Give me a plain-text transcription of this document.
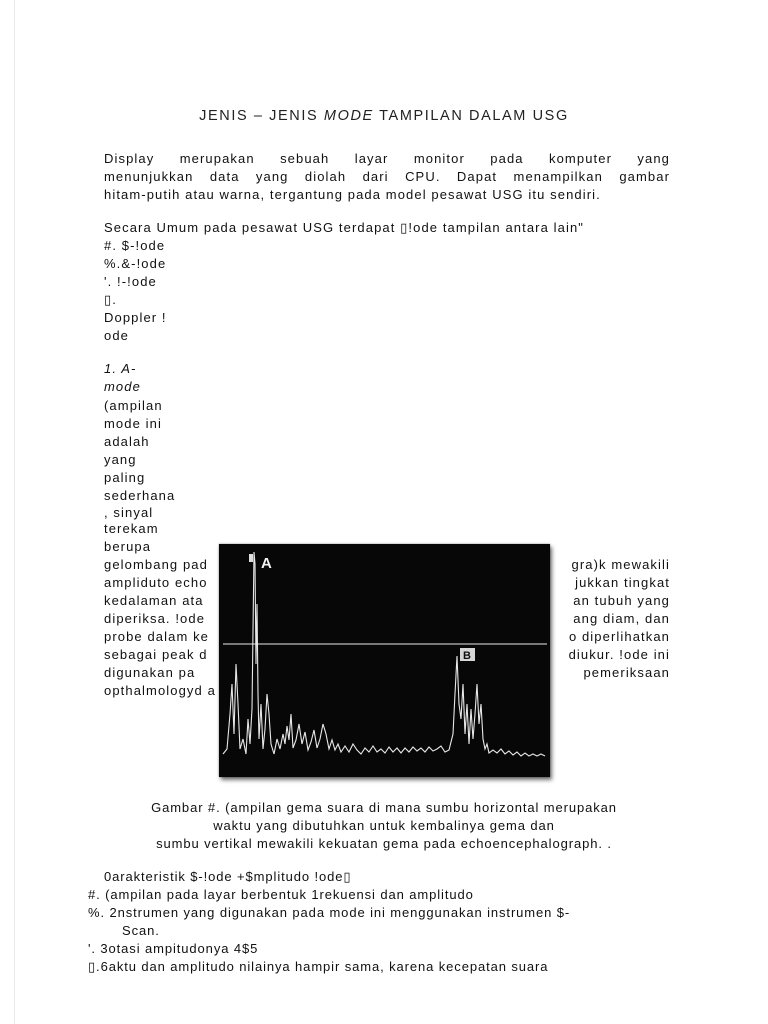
JENIS – JENIS MODE TAMPILAN DALAM USG
Display merupakan sebuah layar monitor pada komputer yang
menunjukkan data yang diolah dari CPU. Dapat menampilkan gambar
hitam-putih atau warna, tergantung pada model pesawat USG itu sendiri.
Secara Umum pada pesawat USG terdapat ▯!ode tampilan antara lain"
#. $-!ode
%.&-!ode
'. !-!ode
▯.
Doppler !
ode
1. A-
mode
(ampilan
mode ini
adalah
yang
paling
sederhana
, sinyal
terekam
berupa
gelombang pad	gra)k mewakili
ampliduto echo	jukkan tingkat
kedalaman ata	an tubuh yang
diperiksa. !ode	ang diam, dan
probe dalam ke	o diperlihatkan
sebagai peak d	diukur. !ode ini
digunakan pa	pemeriksaan
opthalmologyd a
A
B
Gambar #. (ampilan gema suara di mana sumbu horizontal merupakan
waktu yang dibutuhkan untuk kembalinya gema dan
sumbu vertikal mewakili kekuatan gema pada echoencephalograph. .
0arakteristik $-!ode +$mplitudo !ode▯
#. (ampilan pada layar berbentuk 1rekuensi dan amplitudo
%. 2nstrumen yang digunakan pada mode ini menggunakan instrumen $-
Scan.
'. 3otasi ampitudonya 4$5
▯.6aktu dan amplitudo nilainya hampir sama, karena kecepatan suara
